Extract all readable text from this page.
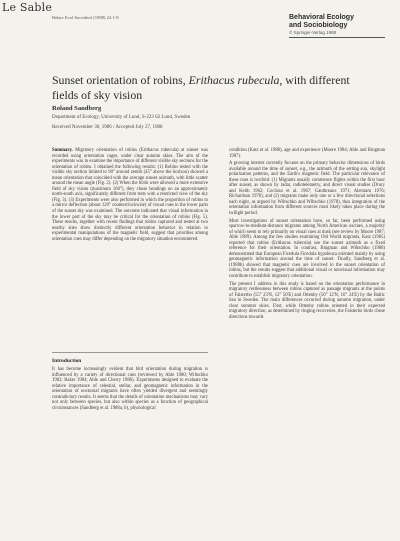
Le Sable
Behav Ecol Sociobiol (1988) 22:1-8	Behavioral Ecology
and Sociobiology
© Springer-Verlag 1988
Sunset orientation of robins, Erithacus rubecula, with different fields of sky vision
Roland Sandberg
Department of Ecology, University of Lund, S-223 62 Lund, Sweden
Received November 30, 1986 / Accepted July 27, 1988

Summary. Migratory orientation of robins (Erithacus rubecula) at sunset was recorded using orientation cages, under clear autumn skies. The aim of the experiments was to examine the importance of different visible sky sections for the orientation of robins. I obtained the following results: (1) Robins tested with the visible sky section limited to 90° around zenith (45° above the horizon) showed a mean orientation that coincided with the average sunset azimuth, with little scatter around the mean angle (Fig. 2). (2) When the birds were allowed a more extensive field of sky vision (maximum 160°), they chose headings on an approximately north-south axis, significantly different from tests with a restricted view of the sky (Fig. 3). (3) Experiments were also performed in which the proportion of robins to a mirror deflection (about 120° counterclockwise) of visual cues in the lower parts of the sunset sky was examined. The outcome indicated that visual information in the lower part of the sky may be critical for the orientation of robins (Fig. 5). These results, together with recent findings that robins captured and tested at two nearby sites show distinctly different orientation behavior in relation to experimental manipulations of the magnetic field, suggest that priorities among orientation cues may differ depending on the migratory situation encountered.

Introduction

It has become increasingly evident that bird orientation during migration is influenced by a variety of directional cues (reviewed by Able 1980; Wiltschko 1983; Baker 1984; Able and Cherry 1986). Experiments designed to evaluate the relative importance of celestial, stellar, and geomagnetic information in the orientation of nocturnal migrants have often yielded divergent and seemingly contradictory results. It seems that the details of orientation mechanisms may vary not only between species, but also within species as a function of geographical circumstances (Sandberg et al. 1988a, b), physiological

condition (Katz et al. 1988), age and experience (Moore 1984; Able and Bingman 1987).

A growing interest currently focuses on the primary behavior dimensions of birds available around the time of sunset, e.g., the azimuth of the setting sun, skylight polarization patterns, and the Earth's magnetic field. The particular relevance of these cues is twofold: (1) Migrants usually commence flights within the first hour after sunset, as shown by radar, radiotelemetry, and direct visual studies (Drury and Keith 1962; Cochran et al. 1967; Gauthreaux 1971; Alerstam 1976; Richardson 1978), and (2) migrants make only one or a few directional selections each night, as argued by Wiltschko and Wiltschko (1978), thus integration of the orientation information from different sources most likely takes place during the twilight period.

Most investigations of sunset orientation have, so far, been performed using sparrow-to-medium-distance migrants among North American oscines, a majority of which seem to rely primarily on visual cues at dusk (see review by Moore 1987; Able 1989). Among the few studies examining Old World migrants, Katz (1985) reported that robins (Erithacus rubecula) use the sunset azimuth as a fixed reference for their orientation. In contrast, Bingman and Wiltschko (1988) demonstrated that European Ficedula Ficedula hypoleuca oriented mainly by using geomagnetic information around the time of sunset. Finally, Sandberg et al. (1988b) showed that magnetic cues are involved in the sunset orientation of robins, but the results suggest that additional visual or nonvisual information may contribute to establish migratory orientation.

The present I address in this study is based on the orientation performance in migratory restlessness between robins captured as passage migrants at the points of Falsterbo (55° 23'N, 12° 50'E) and Ottenby (56° 12'N, 16° 24'E) by the Baltic Sea in Sweden. The main differences occurred during autumn migration, under clear summer skies. First, while Ottenby robins oriented in their expected migratory direction, as determined by ringing recoveries, the Falsterbo birds chose directions towards
